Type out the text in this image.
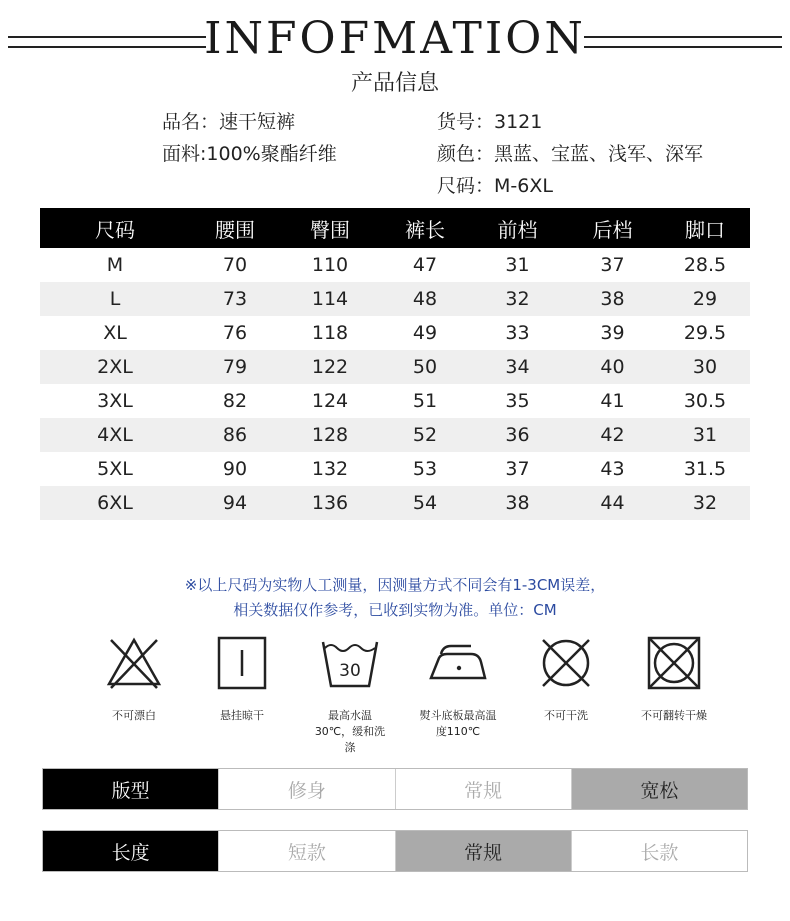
INFOFMATION
产品信息
品名：速干短裤
面料:100%聚酯纤维
货号：3121
颜色：黑蓝、宝蓝、浅军、深军
尺码：M-6XL
尺码	腰围	臀围	裤长	前档	后档	脚口
M	70	110	47	31	37	28.5
L	73	114	48	32	38	29
XL	76	118	49	33	39	29.5
2XL	79	122	50	34	40	30
3XL	82	124	51	35	41	30.5
4XL	86	128	52	36	42	31
5XL	90	132	53	37	43	31.5
6XL	94	136	54	38	44	32
※以上尺码为实物人工测量，因测量方式不同会有1-3CM误差，
相关数据仅作参考，已收到实物为准。单位：CM
不可漂白	悬挂晾干
30
最高水温30℃，缓和洗涤
熨斗底板最高温度110℃
不可干洗	不可翻转干燥
版型	修身	常规	宽松
长度	短款	常规	长款
